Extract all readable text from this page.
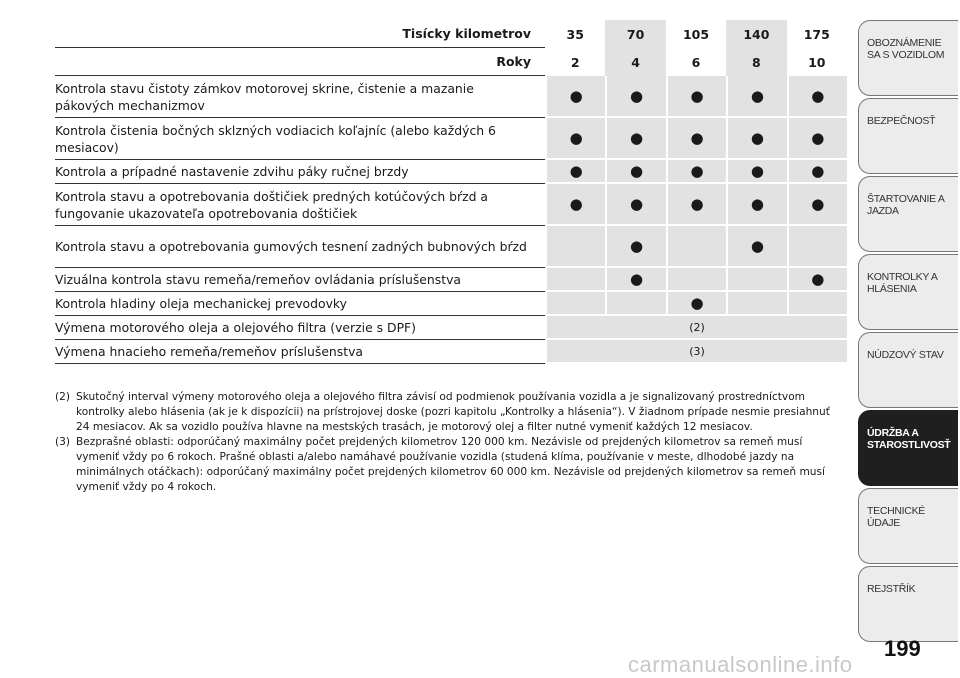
Tisícky kilometrov		35	70	105	140	175
Roky		2	4	6	8	10
Kontrola stavu čistoty zámkov motorovej skrine, čistenie a mazanie pákových mechanizmov		●	●	●	●	●
Kontrola čistenia bočných sklzných vodiacich koľajníc (alebo každých 6 mesiacov)		●	●	●	●	●
Kontrola a prípadné nastavenie zdvihu páky ručnej brzdy		●	●	●	●	●
Kontrola stavu a opotrebovania doštičiek predných kotúčových bŕzd a fungovanie ukazovateľa opotrebovania doštičiek		●	●	●	●	●
Kontrola stavu a opotrebovania gumových tesnení zadných bubnových bŕzd			●		●	
Vizuálna kontrola stavu remeňa/remeňov ovládania príslušenstva			●			●
Kontrola hladiny oleja mechanickej prevodovky				●		
Výmena motorového oleja a olejového filtra (verzie s DPF)		(2)				
Výmena hnacieho remeňa/remeňov príslušenstva		(3)				
(2) Skutočný interval výmeny motorového oleja a olejového filtra závisí od podmienok používania vozidla a je signalizovaný prostredníctvom kontrolky alebo hlásenia (ak je k dispozícii) na prístrojovej doske (pozri kapitolu „Kontrolky a hlásenia“). V žiadnom prípade nesmie presiahnuť 24 mesiacov. Ak sa vozidlo používa hlavne na mestských trasách, je motorový olej a filter nutné vymeniť každých 12 mesiacov.
(3) Bezprašné oblasti: odporúčaný maximálny počet prejdených kilometrov 120 000 km. Nezávisle od prejdených kilometrov sa remeň musí vymeniť vždy po 6 rokoch. Prašné oblasti a/alebo namáhavé používanie vozidla (studená klíma, používanie v meste, dlhodobé jazdy na minimálnych otáčkach): odporúčaný maximálny počet prejdených kilometrov 60 000 km. Nezávisle od prejdených kilometrov sa remeň musí vymeniť vždy po 4 rokoch.
OBOZNÁMENIE SA S VOZIDLOM
BEZPEČNOSŤ
ŠTARTOVANIE A JAZDA
KONTROLKY A HLÁSENIA
NÚDZOVÝ STAV
ÚDRŽBA A STAROSTLIVOSŤ
TECHNICKÉ ÚDAJE
REJSTŘÍK
199
carmanualsonline.info
